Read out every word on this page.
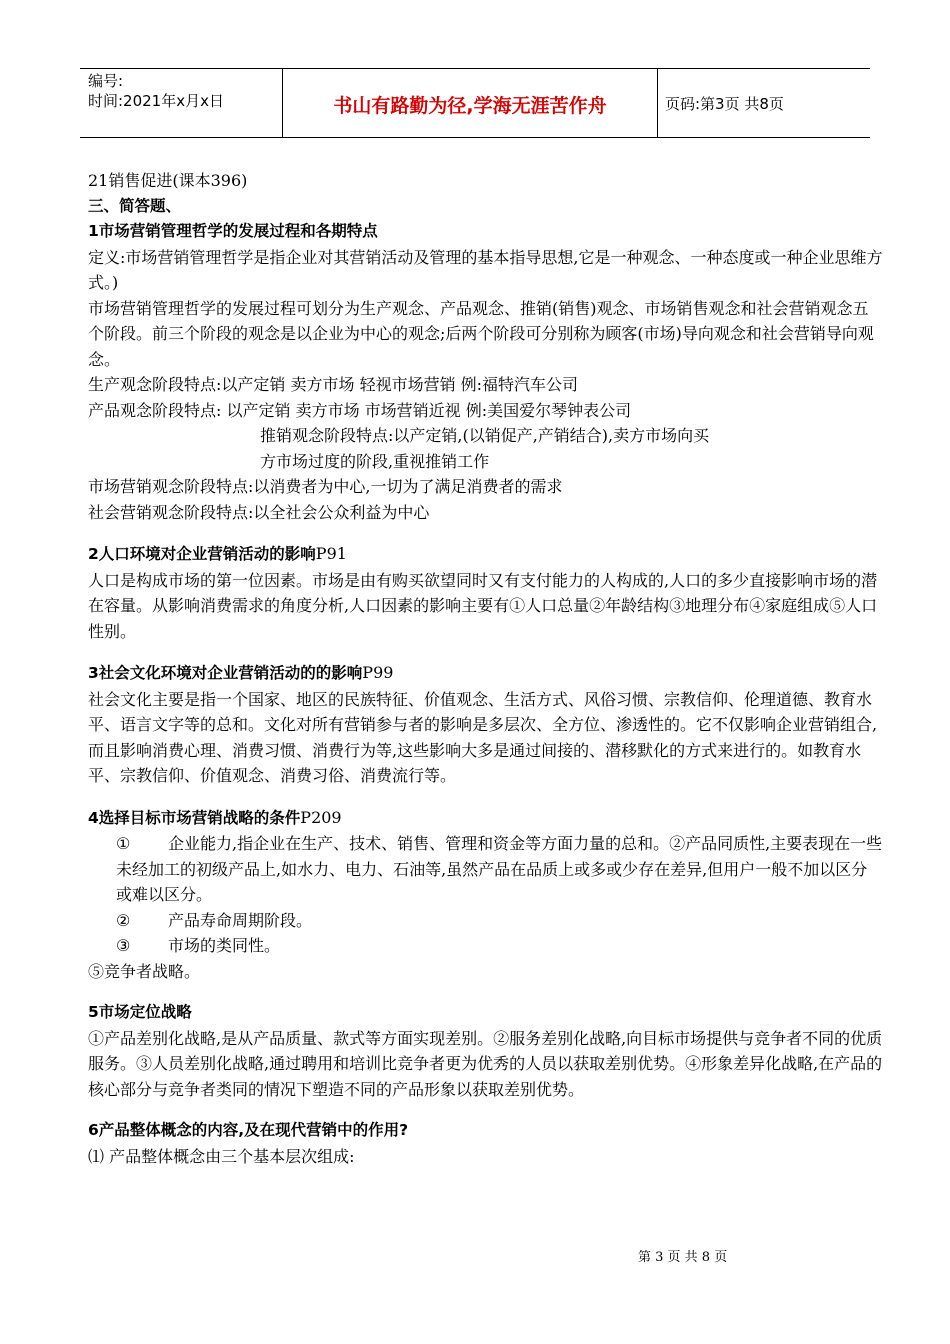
编号:
时间:2021年x月x日	书山有路勤为径,学海无涯苦作舟	页码:第3页 共8页

21销售促进(课本396)

三、简答题、

1市场营销管理哲学的发展过程和各期特点

定义:市场营销管理哲学是指企业对其营销活动及管理的基本指导思想,它是一种观念、一种态度或一种企业思维方式。)

市场营销管理哲学的发展过程可划分为生产观念、产品观念、推销(销售)观念、市场销售观念和社会营销观念五个阶段。前三个阶段的观念是以企业为中心的观念;后两个阶段可分别称为顾客(市场)导向观念和社会营销导向观念。

生产观念阶段特点:以产定销 卖方市场 轻视市场营销 例:福特汽车公司

产品观念阶段特点: 以产定销 卖方市场 市场营销近视 例:美国爱尔琴钟表公司

推销观念阶段特点:以产定销,(以销促产,产销结合),卖方市场向买

方市场过度的阶段,重视推销工作

市场营销观念阶段特点:以消费者为中心,一切为了满足消费者的需求

社会营销观念阶段特点:以全社会公众利益为中心

2人口环境对企业营销活动的影响P91

人口是构成市场的第一位因素。市场是由有购买欲望同时又有支付能力的人构成的,人口的多少直接影响市场的潜在容量。从影响消费需求的角度分析,人口因素的影响主要有①人口总量②年龄结构③地理分布④家庭组成⑤人口性别。

3社会文化环境对企业营销活动的的影响P99

社会文化主要是指一个国家、地区的民族特征、价值观念、生活方式、风俗习惯、宗教信仰、伦理道德、教育水平、语言文字等的总和。文化对所有营销参与者的影响是多层次、全方位、渗透性的。它不仅影响企业营销组合,而且影响消费心理、消费习惯、消费行为等,这些影响大多是通过间接的、潜移默化的方式来进行的。如教育水平、宗教信仰、价值观念、消费习俗、消费流行等。

4选择目标市场营销战略的条件P209

① 企业能力,指企业在生产、技术、销售、管理和资金等方面力量的总和。②产品同质性,主要表现在一些未经加工的初级产品上,如水力、电力、石油等,虽然产品在品质上或多或少存在差异,但用户一般不加以区分或难以区分。

② 产品寿命周期阶段。

③ 市场的类同性。

⑤竞争者战略。

5市场定位战略

①产品差别化战略,是从产品质量、款式等方面实现差别。②服务差别化战略,向目标市场提供与竞争者不同的优质服务。③人员差别化战略,通过聘用和培训比竞争者更为优秀的人员以获取差别优势。④形象差异化战略,在产品的核心部分与竞争者类同的情况下塑造不同的产品形象以获取差别优势。

6产品整体概念的内容,及在现代营销中的作用?

⑴ 产品整体概念由三个基本层次组成:

第 3 页 共 8 页
